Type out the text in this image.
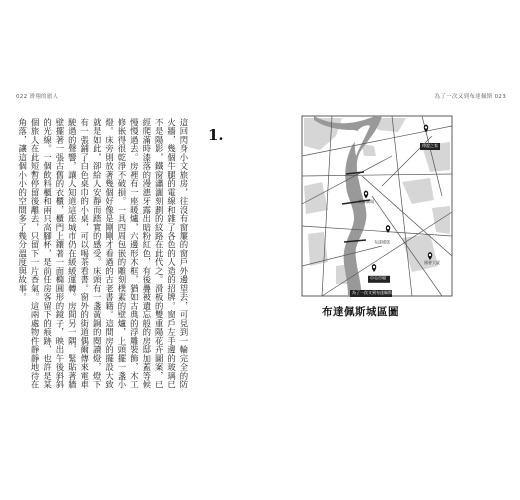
022 滑翔的旅人	為了一次又到布達佩斯 023
這回閃身小文旅房，往沒有窗簾的窗戶外邊望去，可見到一輪完全的防火牆，幾個牛腿的電線和雜了各色的人造的招牌。窗戶左手邊的玻璃已不是陽影，鐵窗瀟灑刻劃的紋路在此代之。滑板的雙重陽花卉圖案，已經爬滿時漆落的漫漶牙露出暗粉紅色，有後疊被遺忘般的房邸加蓋等候慢慢過去。房裡有一座暖爐，六邊形木框，猶如古典的浮雕裝飾，木工修嵌得很乾淨不破損。一具四周包嵌的雕刻樸素的壁爐，上頭擺一盞小燈。床旁則放著幾個好像是剛剛才看過的古老書籍。這間房的擺設大致就是如此，卻給人安靜而踏實的感受。床頭有一盞黃銅的閱讀燈，燈下有一張鋪了白色桌巾的小桌，可以喝茶看書。窗外的街道偶爾傳來電車駛過的聲響，讓人知道這座城市仍在緩緩運轉。房間另一隅，緊貼著牆壁擺著一張古舊的衣櫃，櫃門上鑲著一面橢圓形的鏡子，映出午後斜斜的光線。一個飲料櫃和兩只高腳杯，是前任房客留下的痕跡，也許是某個旅人在此短暫停留後離去，只留下一片香氣。這兩處物件靜靜地待在角落，讓這個小小的空間多了幾分溫度與故事。	1.
傳說之家
英雄廣場
布達城堡
國會大廈
中央市場
為了一次又到布達佩斯
布達佩斯城區圖
